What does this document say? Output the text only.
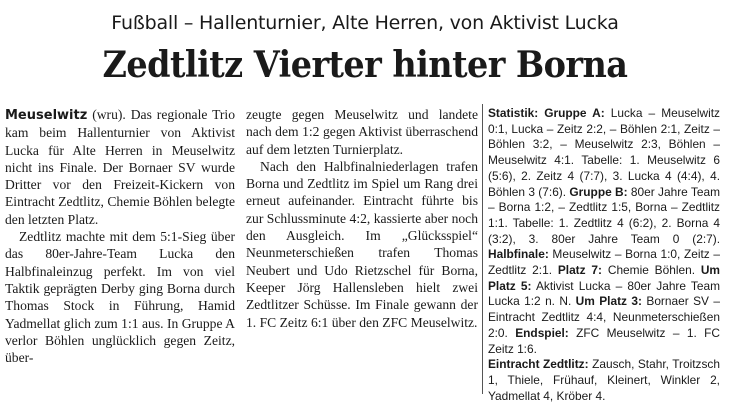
Fußball – Hallenturnier, Alte Herren, von Aktivist Lucka
Zedtlitz Vierter hinter Borna

Meuselwitz (wru). Das regionale Trio kam beim Hallenturnier von Aktivist Lucka für Alte Herren in Meuselwitz nicht ins Finale. Der Bornaer SV wurde Dritter vor den Freizeit-Kickern von Eintracht Zedtlitz, Chemie Böhlen belegte den letzten Platz.

Zedtlitz machte mit dem 5:1-Sieg über das 80er-Jahre-Team Lucka den Halbfinaleinzug perfekt. Im von viel Taktik geprägten Derby ging Borna durch Thomas Stock in Führung, Hamid Yadmellat glich zum 1:1 aus. In Gruppe A verlor Böhlen unglücklich gegen Zeitz, über-

zeugte gegen Meuselwitz und landete nach dem 1:2 gegen Aktivist überraschend auf dem letzten Turnierplatz.

Nach den Halbfinalniederlagen trafen Borna und Zedtlitz im Spiel um Rang drei erneut aufeinander. Eintracht führte bis zur Schlussminute 4:2, kassierte aber noch den Ausgleich. Im „Glücksspiel“ Neunmeterschießen trafen Thomas Neubert und Udo Rietzschel für Borna, Keeper Jörg Hallensleben hielt zwei Zedtlitzer Schüsse. Im Finale gewann der 1. FC Zeitz 6:1 über den ZFC Meuselwitz.

Statistik: Gruppe A: Lucka – Meuselwitz 0:1, Lucka – Zeitz 2:2, – Böhlen 2:1, Zeitz – Böhlen 3:2, – Meuselwitz 2:3, Böhlen – Meuselwitz 4:1. Tabelle: 1. Meuselwitz 6 (5:6), 2. Zeitz 4 (7:7), 3. Lucka 4 (4:4), 4. Böhlen 3 (7:6). Gruppe B: 80er Jahre Team – Borna 1:2, – Zedtlitz 1:5, Borna – Zedtlitz 1:1. Tabelle: 1. Zedtlitz 4 (6:2), 2. Borna 4 (3:2), 3. 80er Jahre Team 0 (2:7). Halbfinale: Meuselwitz – Borna 1:0, Zeitz – Zedtlitz 2:1. Platz 7: Chemie Böhlen. Um Platz 5: Aktivist Lucka – 80er Jahre Team Lucka 1:2 n. N. Um Platz 3: Bornaer SV – Eintracht Zedtlitz 4:4, Neunmeterschießen 2:0. Endspiel: ZFC Meuselwitz – 1. FC Zeitz 1:6.

Eintracht Zedtlitz: Zausch, Stahr, Troitzsch 1, Thiele, Frühauf, Kleinert, Winkler 2, Yadmellat 4, Kröber 4.
